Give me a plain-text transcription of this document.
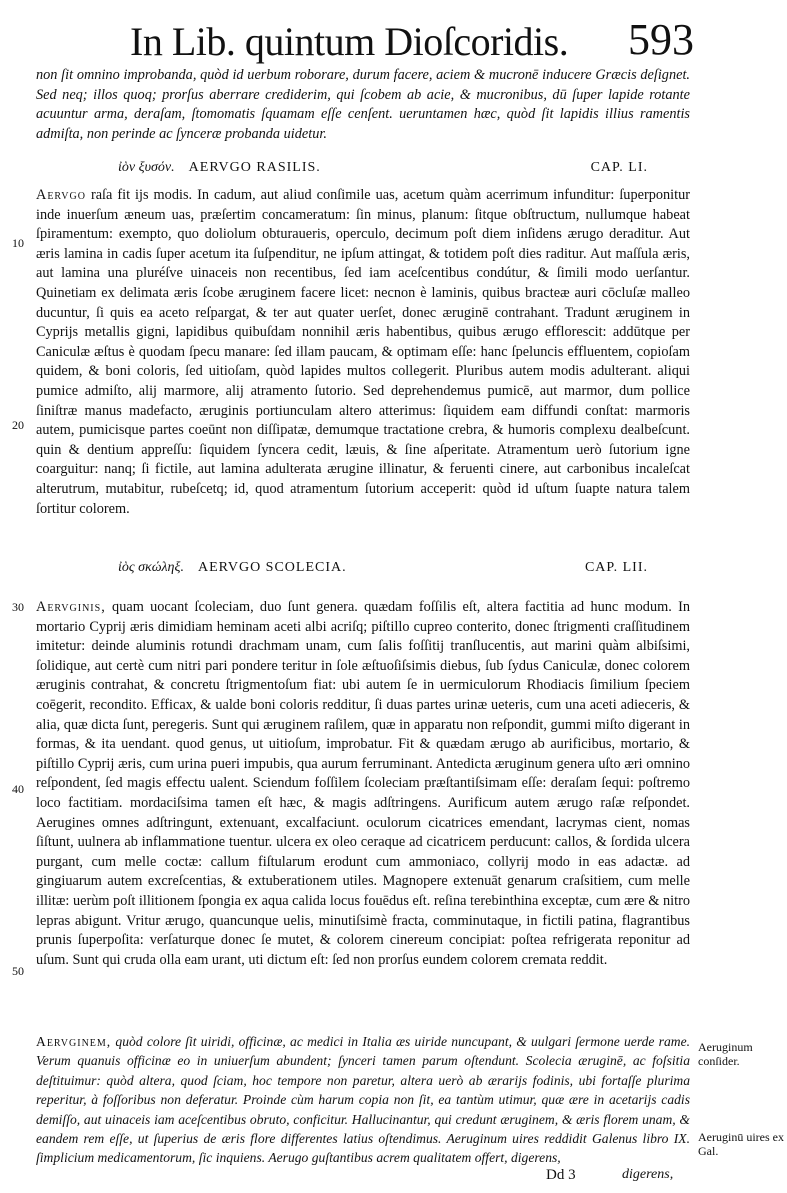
In Lib. quintum Dioſcoridis. 593

non ſit omnino improbanda, quòd id uerbum roborare, durum facere, aciem & mucronē inducere Græcis deſignet. Sed neq; illos quoq; prorſus aberrare crediderim, qui ſcobem ab acie, & mucronibus, dū ſuper lapide rotante acuuntur arma, deraſam, ſtomomatis ſquamam eſſe cenſent. ueruntamen hæc, quòd ſit lapidis illius ramentis admiſta, non perinde ac ſynceræ probanda uidetur.

ἰὸν ξυσόν. AERVGO RASILIS.	CAP. LI.

Aervgo raſa fit ijs modis. In cadum, aut aliud conſimile uas, acetum quàm acerrimum infunditur: ſuperponitur inde inuerſum æneum uas, præſertim concameratum: ſin minus, planum: ſitque obſtructum, nullumque habeat ſpiramentum: exempto, quo doliolum obturaueris, operculo, decimum poſt diem inſidens ærugo deraditur. Aut æris lamina in cadis ſuper acetum ita ſuſpenditur, ne ipſum attingat, & totidem poſt dies raditur. Aut maſſula æris, aut lamina una pluréſve uinaceis non recentibus, ſed iam aceſcentibus condútur, & ſimili modo uerſantur. Quinetiam ex delimata æris ſcobe æruginem facere licet: necnon è laminis, quibus bracteæ auri cōcluſæ malleo ducuntur, ſi quis ea aceto reſpargat, & ter aut quater uerſet, donec æruginē contrahant. Tradunt æruginem in Cyprijs metallis gigni, lapidibus quibuſdam nonnihil æris habentibus, quibus ærugo efflorescit: addūtque per Caniculæ æſtus è quodam ſpecu manare: ſed illam paucam, & optimam eſſe: hanc ſpeluncis effluentem, copioſam quidem, & boni coloris, ſed uitioſam, quòd lapides multos collegerit. Pluribus autem modis adulterant. aliqui pumice admiſto, alij marmore, alij atramento ſutorio. Sed deprehendemus pumicē, aut marmor, dum pollice ſiniſtræ manus madefacto, æruginis portiunculam altero atterimus: ſiquidem eam diffundi conſtat: marmoris autem, pumicisque partes coeūnt non diſſipatæ, demumque tractatione crebra, & humoris complexu dealbeſcunt. quin & dentium appreſſu: ſiquidem ſyncera cedit, læuis, & ſine aſperitate. Atramentum uerò ſutorium igne coarguitur: nanq; ſi fictile, aut lamina adulterata ærugine illinatur, & feruenti cinere, aut carbonibus incaleſcat alterutrum, mutabitur, rubeſcetq; id, quod atramentum ſutorium acceperit: quòd id uſtum ſuapte natura talem ſortitur colorem.

ἰὸς σκώληξ. AERVGO SCOLECIA.	CAP. LII.

Aervginis, quam uocant ſcoleciam, duo ſunt genera. quædam foſſilis eſt, altera factitia ad hunc modum. In mortario Cyprij æris dimidiam heminam aceti albi acriſq; piſtillo cupreo conterito, donec ſtrigmenti craſſitudinem imitetur: deinde aluminis rotundi drachmam unam, cum ſalis foſſitij tranſlucentis, aut marini quàm albiſsimi, ſolidique, aut certè cum nitri pari pondere teritur in ſole æſtuoſiſsimis diebus, ſub ſydus Caniculæ, donec colorem æruginis contrahat, & concretu ſtrigmentoſum fiat: ubi autem ſe in uermiculorum Rhodiacis ſimilium ſpeciem coēgerit, recondito. Efficax, & ualde boni coloris redditur, ſi duas partes urinæ ueteris, cum una aceti adieceris, & alia, quæ dicta ſunt, peregeris. Sunt qui æruginem raſilem, quæ in apparatu non reſpondit, gummi miſto digerant in formas, & ita uendant. quod genus, ut uitioſum, improbatur. Fit & quædam ærugo ab aurificibus, mortario, & piſtillo Cyprij æris, cum urina pueri impubis, qua aurum ferruminant. Antedicta æruginum genera uſto æri omnino reſpondent, ſed magis effectu ualent. Sciendum foſſilem ſcoleciam præſtantiſsimam eſſe: deraſam ſequi: poſtremo loco factitiam. mordaciſsima tamen eſt hæc, & magis adſtringens. Aurificum autem ærugo raſæ reſpondet. Aerugines omnes adſtringunt, extenuant, excalfaciunt. oculorum cicatrices emendant, lacrymas cient, nomas ſiſtunt, uulnera ab inflammatione tuentur. ulcera ex oleo ceraque ad cicatricem perducunt: callos, & ſordida ulcera purgant, cum melle coctæ: callum fiſtularum erodunt cum ammoniaco, collyrij modo in eas adactæ. ad gingiuarum autem excreſcentias, & extuberationem utiles. Magnopere extenuāt genarum craſsitiem, cum melle illitæ: uerùm poſt illitionem ſpongia ex aqua calida locus fouēdus eſt. reſina terebinthina exceptæ, cum ære & nitro lepras abigunt. Vritur ærugo, quancunque uelis, minutiſsimè fracta, comminutaque, in fictili patina, flagrantibus prunis ſuperpoſita: verſaturque donec ſe mutet, & colorem cinereum concipiat: poſtea refrigerata reponitur ad uſum. Sunt qui cruda olla eam urant, uti dictum eſt: ſed non prorſus eundem colorem cremata reddit.

Aervginem, quòd colore ſit uiridi, officinæ, ac medici in Italia æs uiride nuncupant, & uulgari ſermone uerde rame. Verum quanuis officinæ eo in uniuerſum abundent; ſynceri tamen parum oſtendunt. Scolecia æruginē, ac foſsitia deſtituimur: quòd altera, quod ſciam, hoc tempore non paretur, altera uerò ab ærarijs fodinis, ubi fortaſſe plurima reperitur, à foſſoribus non deferatur. Proinde cùm harum copia non ſit, ea tantùm utimur, quæ ære in acetarijs cadis demiſſo, aut uinaceis iam aceſcentibus obruto, conficitur. Hallucinantur, qui credunt æruginem, & æris florem unam, & eandem rem eſſe, ut ſuperius de æris flore differentes latius oſtendimus. Aeruginum uires reddidit Galenus libro IX. ſimplicium medicamentorum, ſic inquiens. Aerugo guſtantibus acrem qualitatem offert, digerens,

10
20
30
40
50
Aeruginum conſider.
Aeruginū uires ex Gal.
Dd 3	digerens,
